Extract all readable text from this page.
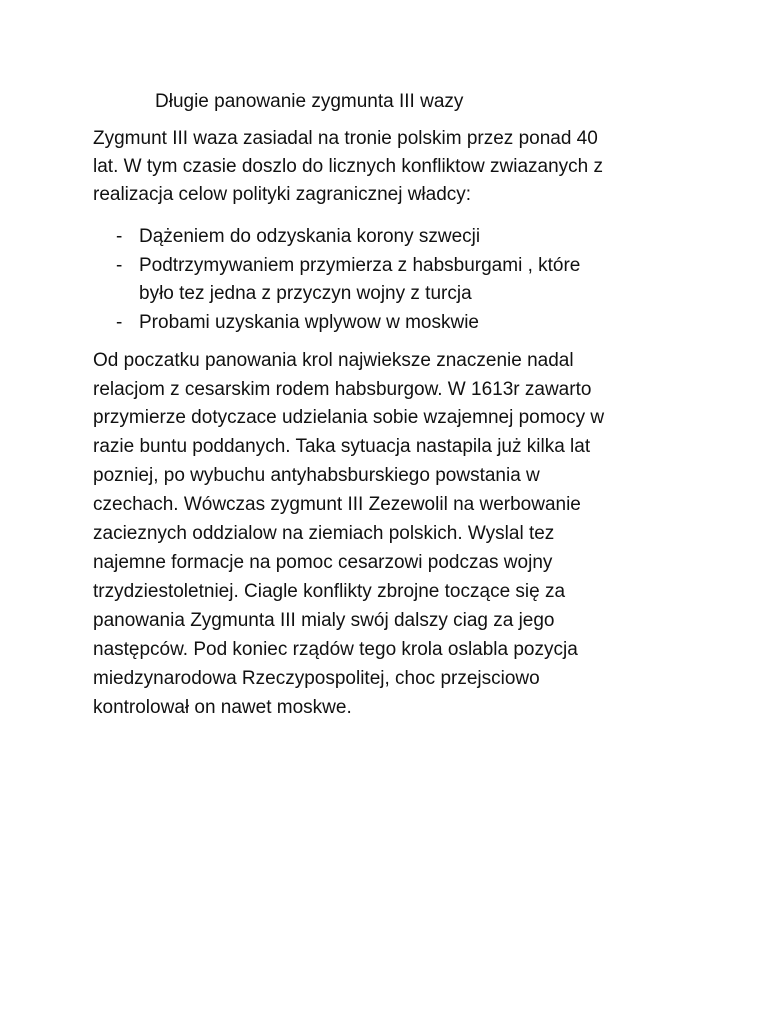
Długie panowanie zygmunta III wazy
Zygmunt III waza zasiadal na tronie polskim przez ponad 40
lat. W tym czasie doszlo do licznych konfliktow zwiazanych z
realizacja celow polityki zagranicznej władcy:
- Dążeniem do odzyskania korony szwecji
- Podtrzymywaniem przymierza z habsburgami , które
było tez jedna z przyczyn wojny z turcja
- Probami uzyskania wplywow w moskwie
Od poczatku panowania krol najwieksze znaczenie nadal
relacjom z cesarskim rodem habsburgow. W 1613r zawarto
przymierze dotyczace udzielania sobie wzajemnej pomocy w
razie buntu poddanych. Taka sytuacja nastapila już kilka lat
pozniej, po wybuchu antyhabsburskiego powstania w
czechach. Wówczas zygmunt III Zezewolil na werbowanie
zacieznych oddzialow na ziemiach polskich. Wyslal tez
najemne formacje na pomoc cesarzowi podczas wojny
trzydziestoletniej. Ciagle konflikty zbrojne toczące się za
panowania Zygmunta III mialy swój dalszy ciag za jego
następców. Pod koniec rządów tego krola oslabla pozycja
miedzynarodowa Rzeczypospolitej, choc przejsciowo
kontrolował on nawet moskwe.
